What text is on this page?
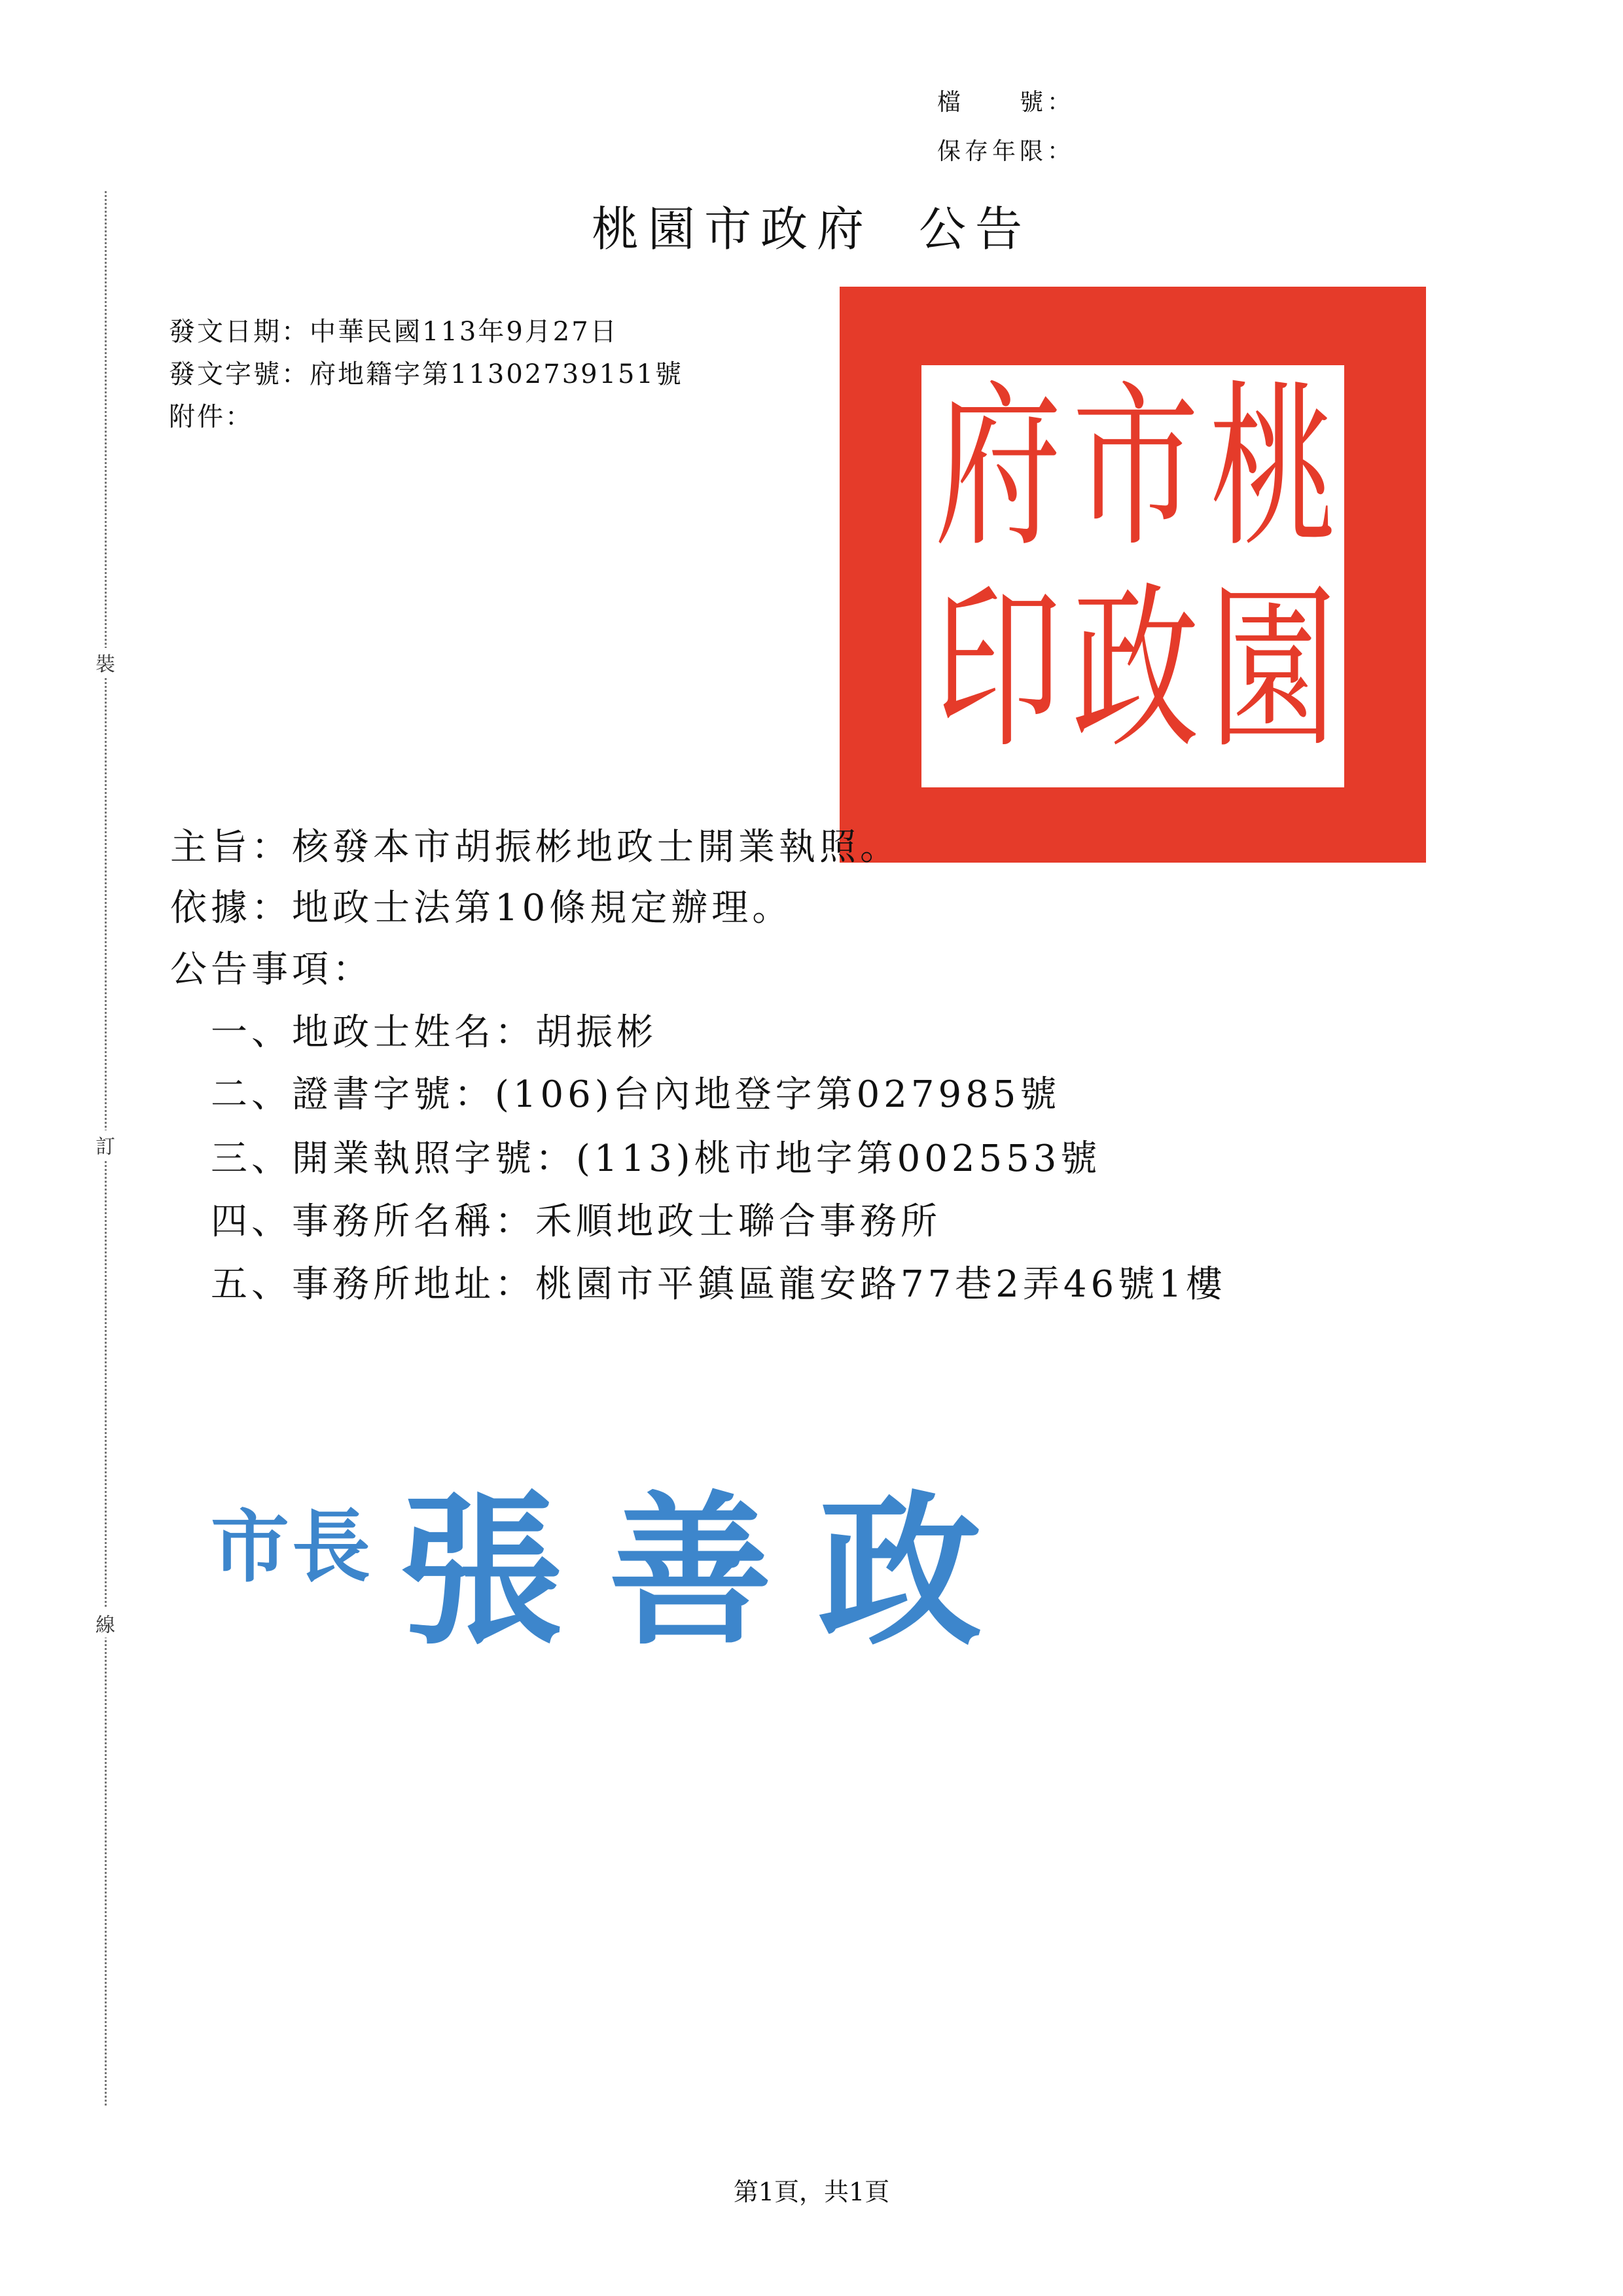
檔　　號：
保存年限：
裝
訂
線
桃園市政府 公告
發文日期：中華民國113年9月27日
發文字號：府地籍字第11302739151號
附件：	桃
園
市
政
府
印
主旨：核發本市胡振彬地政士開業執照。
依據：地政士法第10條規定辦理。
公告事項：
一、地政士姓名：胡振彬
二、證書字號：(106)台內地登字第027985號
三、開業執照字號：(113)桃市地字第002553號
四、事務所名稱：禾順地政士聯合事務所
五、事務所地址：桃園市平鎮區龍安路77巷2弄46號1樓
市長 張善政
第1頁，共1頁
